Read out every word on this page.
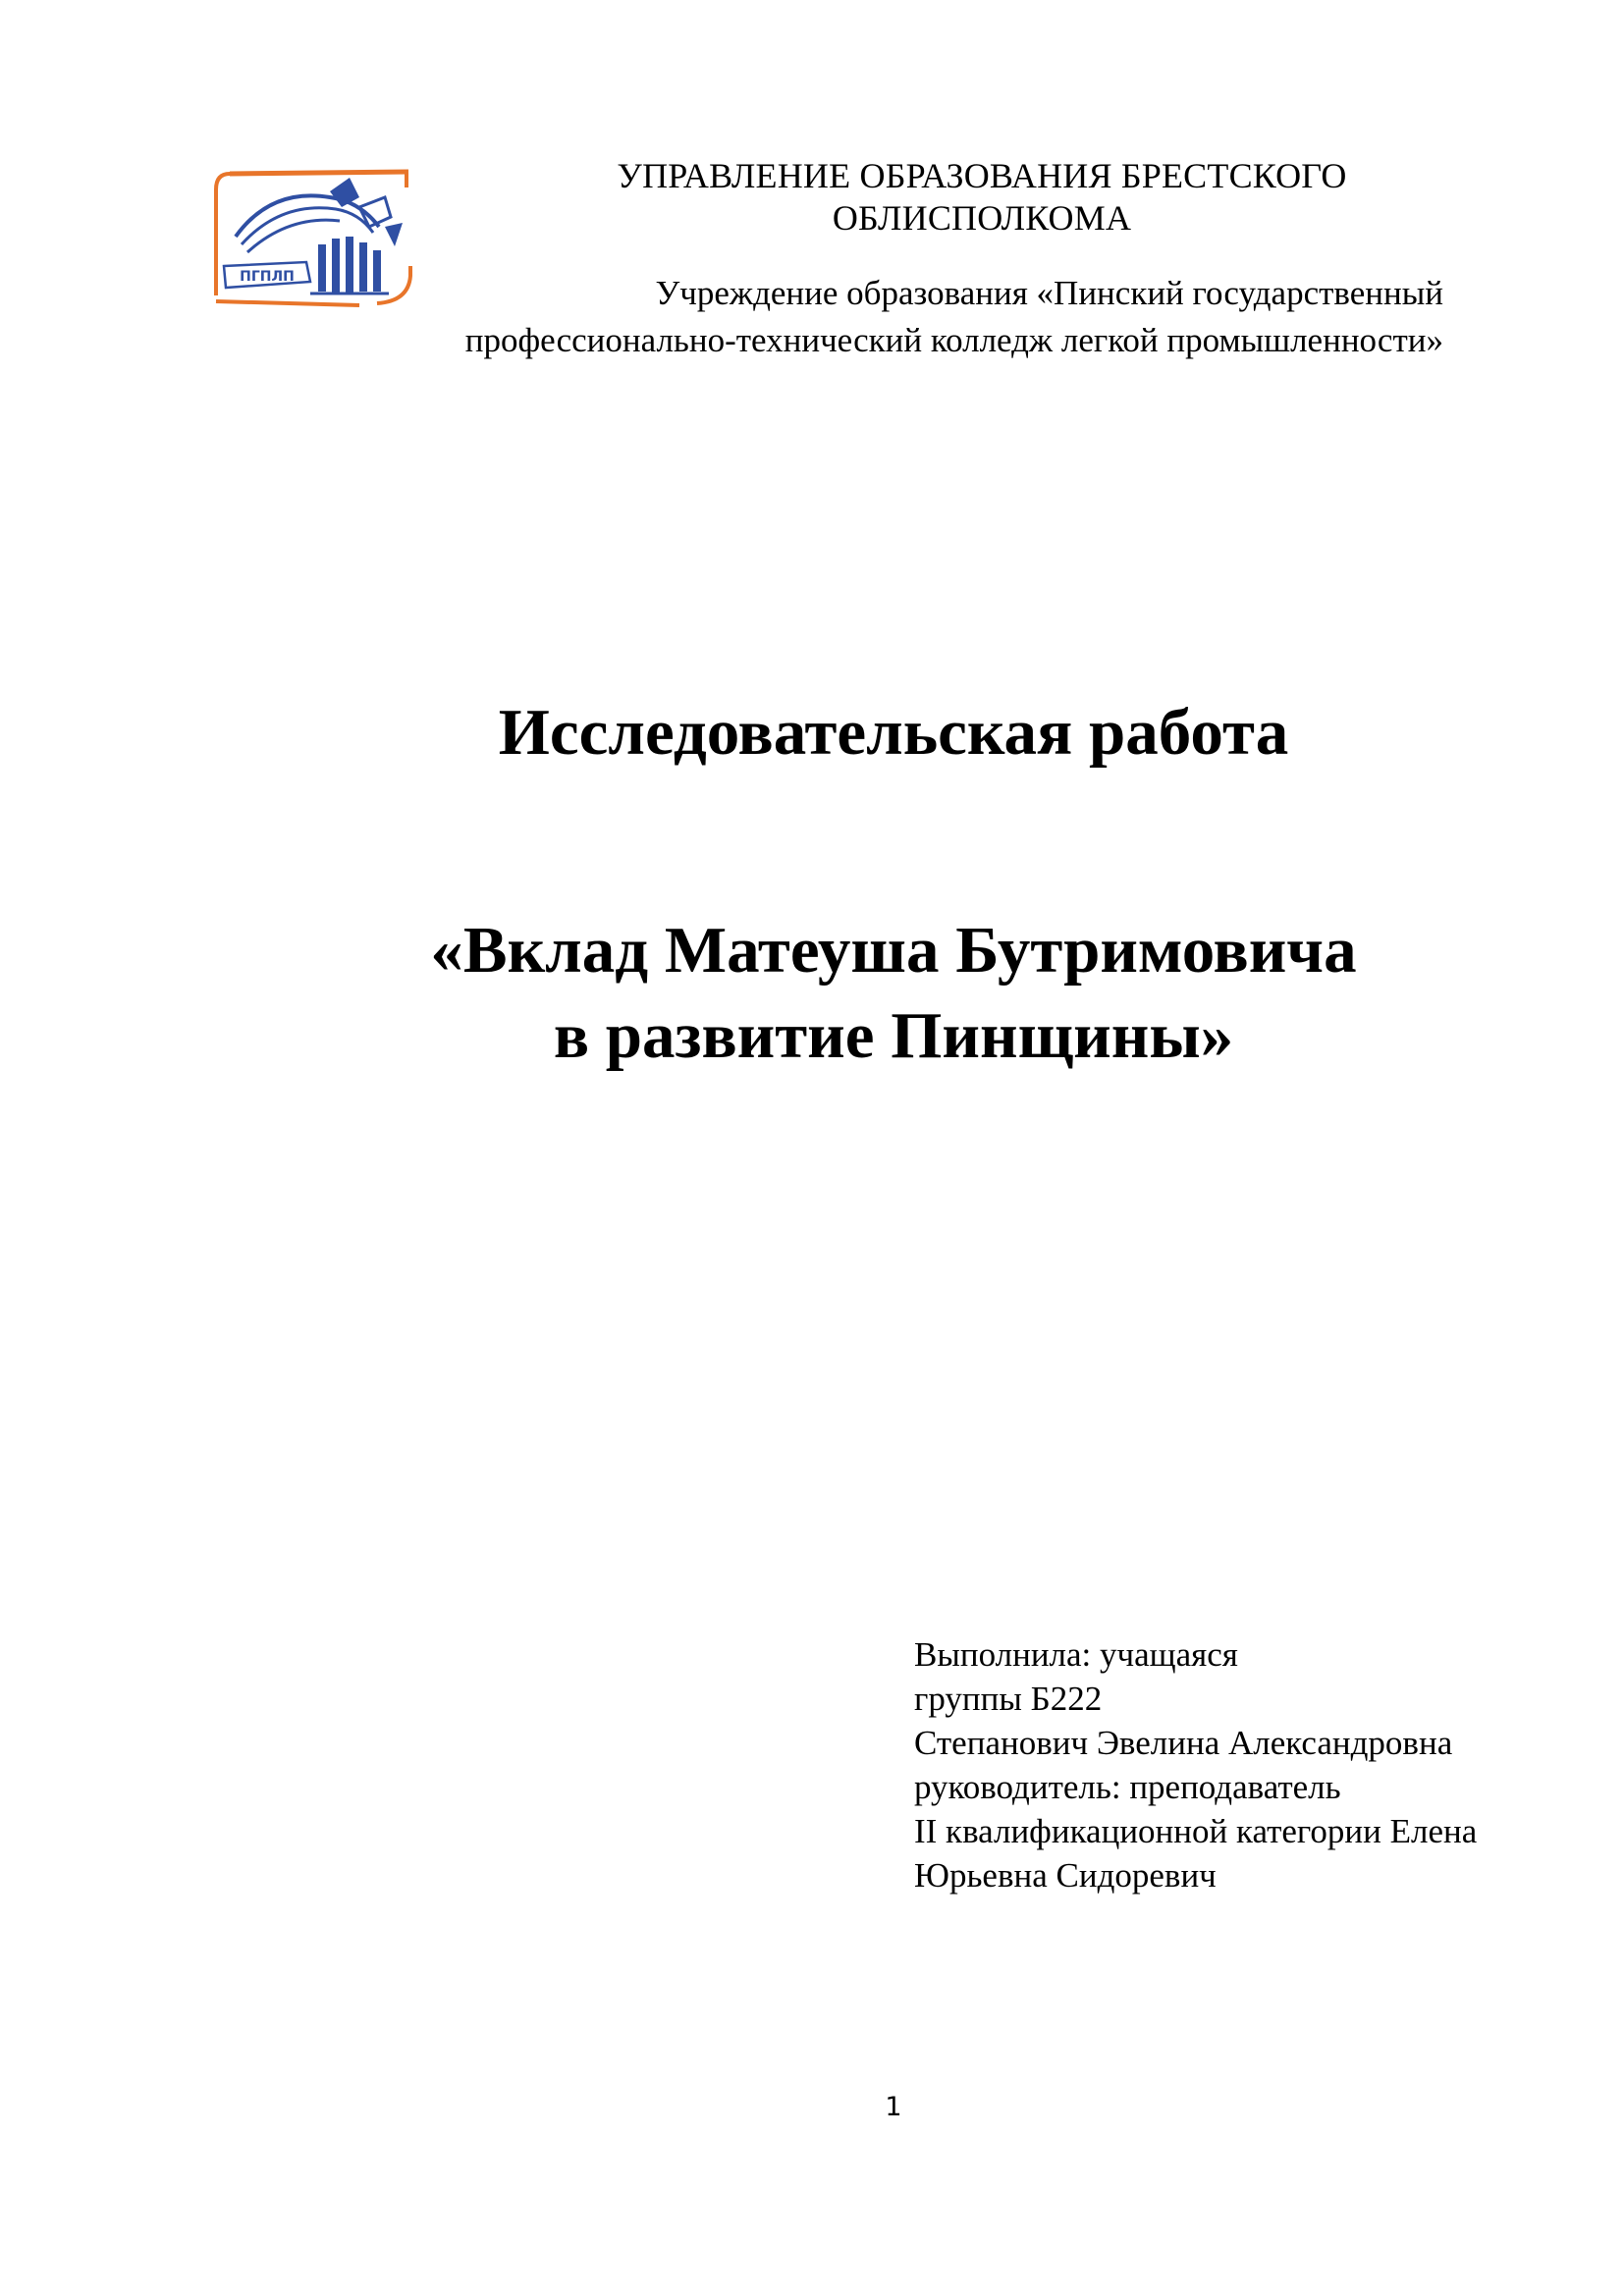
ПГПЛП
УПРАВЛЕНИЕ ОБРАЗОВАНИЯ БРЕСТСКОГО
ОБЛИСПОЛКОМА
Учреждение образования «Пинский государственный
профессионально-технический колледж легкой промышленности»
Исследовательская работа
«Вклад Матеуша Бутримовича
в развитие Пинщины»
Выполнила: учащаяся
группы Б222
Степанович Эвелина Александровна
руководитель: преподаватель
II квалификационной категории Елена
Юрьевна Сидоревич
1
